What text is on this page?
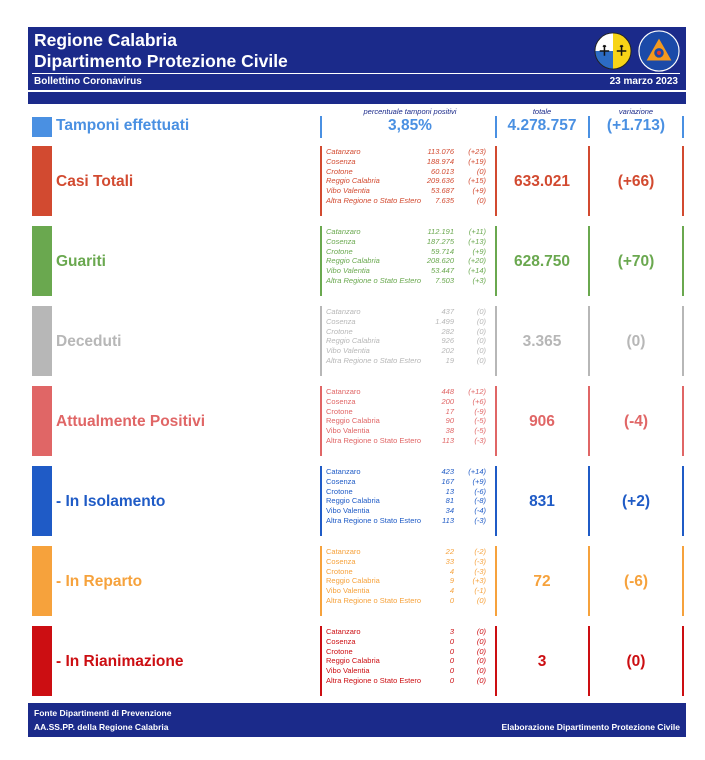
Regione Calabria
Dipartimento Protezione Civile
Bollettino Coronavirus	23 marzo 2023
percentuale tamponi positivi	totale	variazione
Tamponi effettuati	3,85%	4.278.757	(+1.713)
Casi Totali
Catanzaro	113.076 (+23)
Cosenza	188.974 (+19)
Crotone	60.013	(0)
Reggio Calabria	209.636 (+15)
Vibo Valentia	53.687 (+9)
Altra Regione o Stato Estero 7.635	(0)
633.021	(+66)
Guariti
Catanzaro	112.191 (+11)
Cosenza	187.275 (+13)
Crotone	59.714 (+9)
Reggio Calabria	208.620 (+20)
Vibo Valentia	53.447 (+14)
Altra Regione o Stato Estero 7.503 (+3)
628.750	(+70)
Deceduti
Catanzaro	437	(0)
Cosenza	1.499	(0)
Crotone	282	(0)
Reggio Calabria	926	(0)
Vibo Valentia	202	(0)
Altra Regione o Stato Estero	19	(0)
3.365	(0)
Attualmente Positivi
Catanzaro	448 (+12)
Cosenza	200 (+6)
Crotone	17	(-9)
Reggio Calabria	90	(-5)
Vibo Valentia	38	(-5)
Altra Regione o Stato Estero	113	(-3)
906	(-4)
- In Isolamento
Catanzaro	423 (+14)
Cosenza	167 (+9)
Crotone	13	(-6)
Reggio Calabria	81	(-8)
Vibo Valentia	34	(-4)
Altra Regione o Stato Estero	113	(-3)
831	(+2)
- In Reparto
Catanzaro	22	(-2)
Cosenza	33	(-3)
Crotone	4	(-3)
Reggio Calabria	9 (+3)
Vibo Valentia	4	(-1)
Altra Regione o Stato Estero	0	(0)
72	(-6)
- In Rianimazione
Catanzaro	3	(0)
Cosenza	0	(0)
Crotone	0	(0)
Reggio Calabria	0	(0)
Vibo Valentia	0	(0)
Altra Regione o Stato Estero	0	(0)
3	(0)
Fonte Dipartimenti di Prevenzione
AA.SS.PP. della Regione Calabria	Elaborazione Dipartimento Protezione Civile
